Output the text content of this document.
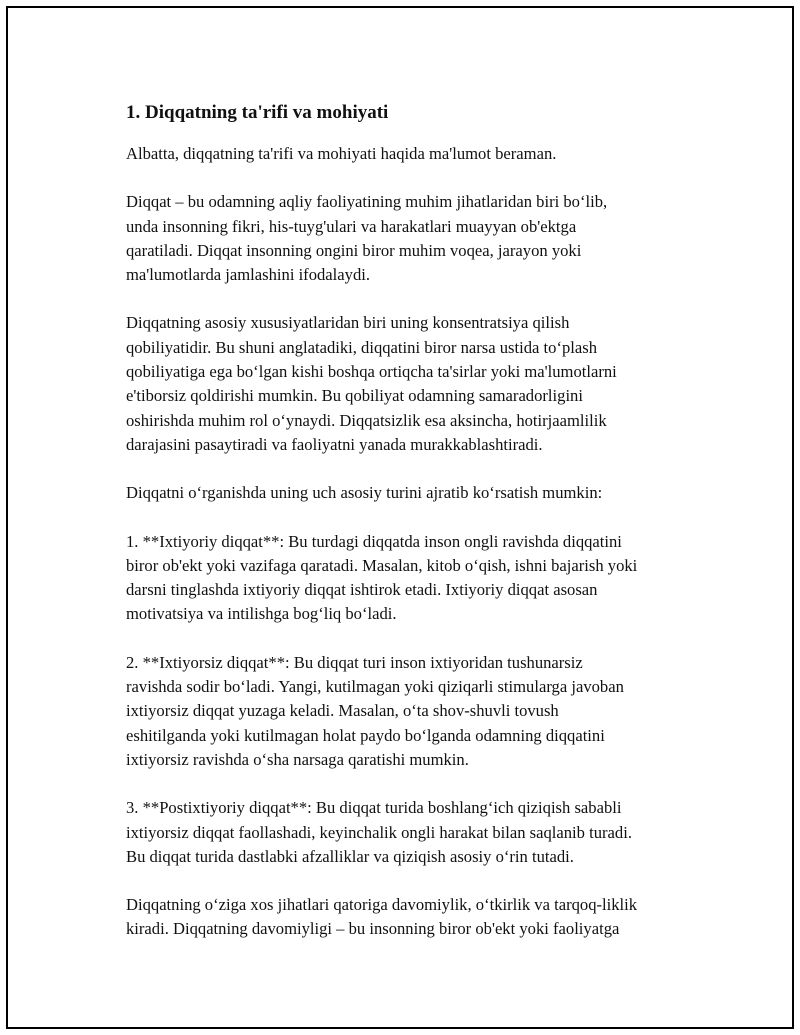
1. Diqqatning ta'rifi va mohiyati
Albatta, diqqatning ta'rifi va mohiyati haqida ma'lumot beraman.
Diqqat – bu odamning aqliy faoliyatining muhim jihatlaridan biri bo‘lib,
unda insonning fikri, his-tuyg'ulari va harakatlari muayyan ob'ektga
qaratiladi. Diqqat insonning ongini biror muhim voqea, jarayon yoki
ma'lumotlarda jamlashini ifodalaydi.
Diqqatning asosiy xususiyatlaridan biri uning konsentratsiya qilish
qobiliyatidir. Bu shuni anglatadiki, diqqatini biror narsa ustida to‘plash
qobiliyatiga ega bo‘lgan kishi boshqa ortiqcha ta'sirlar yoki ma'lumotlarni
e'tiborsiz qoldirishi mumkin. Bu qobiliyat odamning samaradorligini
oshirishda muhim rol o‘ynaydi. Diqqatsizlik esa aksincha, hotirjaamlilik
darajasini pasaytiradi va faoliyatni yanada murakkablashtiradi.
Diqqatni o‘rganishda uning uch asosiy turini ajratib ko‘rsatish mumkin:
1. **Ixtiyoriy diqqat**: Bu turdagi diqqatda inson ongli ravishda diqqatini
biror ob'ekt yoki vazifaga qaratadi. Masalan, kitob o‘qish, ishni bajarish yoki
darsni tinglashda ixtiyoriy diqqat ishtirok etadi. Ixtiyoriy diqqat asosan
motivatsiya va intilishga bog‘liq bo‘ladi.
2. **Ixtiyorsiz diqqat**: Bu diqqat turi inson ixtiyoridan tushunarsiz
ravishda sodir bo‘ladi. Yangi, kutilmagan yoki qiziqarli stimularga javoban
ixtiyorsiz diqqat yuzaga keladi. Masalan, o‘ta shov-shuvli tovush
eshitilganda yoki kutilmagan holat paydo bo‘lganda odamning diqqatini
ixtiyorsiz ravishda o‘sha narsaga qaratishi mumkin.
3. **Postixtiyoriy diqqat**: Bu diqqat turida boshlang‘ich qiziqish sababli
ixtiyorsiz diqqat faollashadi, keyinchalik ongli harakat bilan saqlanib turadi.
Bu diqqat turida dastlabki afzalliklar va qiziqish asosiy o‘rin tutadi.
Diqqatning o‘ziga xos jihatlari qatoriga davomiylik, o‘tkirlik va tarqoq-liklik
kiradi. Diqqatning davomiyligi – bu insonning biror ob'ekt yoki faoliyatga
